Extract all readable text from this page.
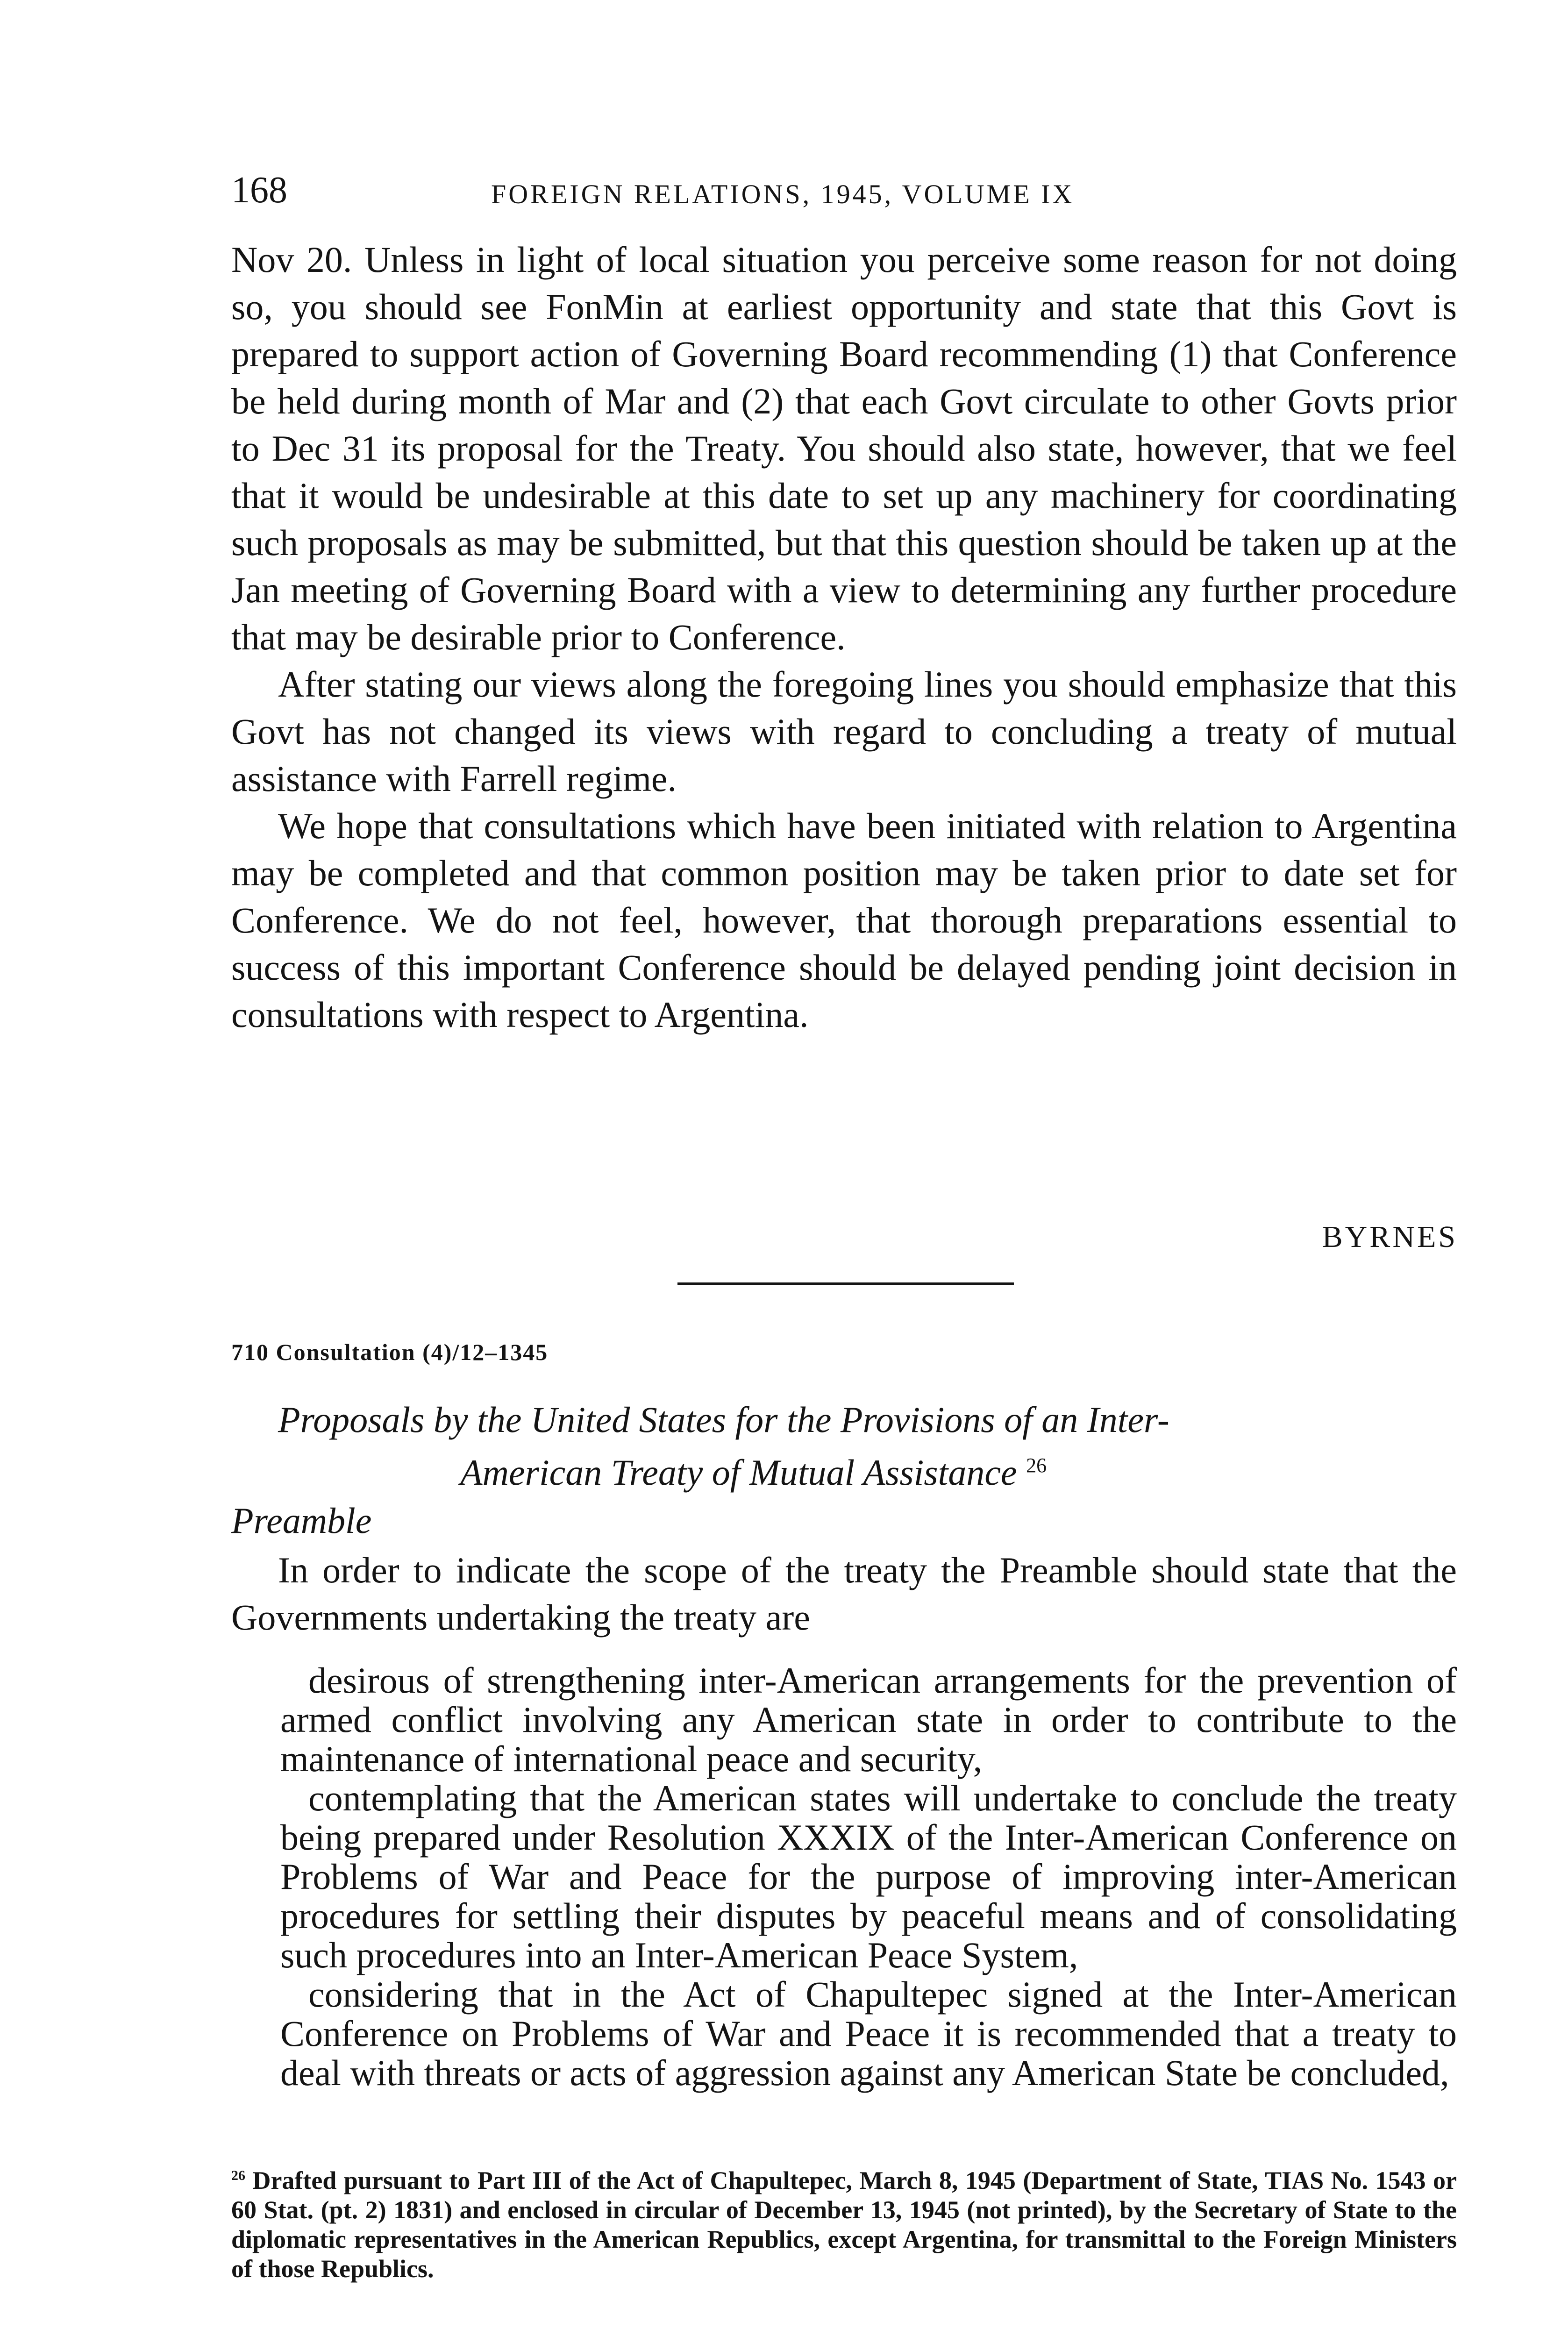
168	FOREIGN RELATIONS, 1945, VOLUME IX

Nov 20. Unless in light of local situation you perceive some reason for not doing so, you should see FonMin at earliest opportunity and state that this Govt is prepared to support action of Governing Board recommending (1) that Conference be held during month of Mar and (2) that each Govt circulate to other Govts prior to Dec 31 its proposal for the Treaty. You should also state, however, that we feel that it would be undesirable at this date to set up any machinery for coordinating such proposals as may be submitted, but that this question should be taken up at the Jan meeting of Governing Board with a view to determining any further procedure that may be desirable prior to Conference.

After stating our views along the foregoing lines you should emphasize that this Govt has not changed its views with regard to concluding a treaty of mutual assistance with Farrell regime.

We hope that consultations which have been initiated with relation to Argentina may be completed and that common position may be taken prior to date set for Conference. We do not feel, however, that thorough preparations essential to success of this important Conference should be delayed pending joint decision in consultations with respect to Argentina.

BYRNES
710 Consultation (4)/12–1345
Proposals by the United States for the Provisions of an Inter-
American Treaty of Mutual Assistance $^{26}$
Preamble

In order to indicate the scope of the treaty the Preamble should state that the Governments undertaking the treaty are

desirous of strengthening inter-American arrangements for the prevention of armed conflict involving any American state in order to contribute to the maintenance of international peace and security,

contemplating that the American states will undertake to conclude the treaty being prepared under Resolution XXXIX of the Inter-American Conference on Problems of War and Peace for the purpose of improving inter-American procedures for settling their disputes by peaceful means and of consolidating such procedures into an Inter-American Peace System,

considering that in the Act of Chapultepec signed at the Inter-American Conference on Problems of War and Peace it is recommended that a treaty to deal with threats or acts of aggression against any American State be concluded,

$^{26}$ Drafted pursuant to Part III of the Act of Chapultepec, March 8, 1945 (Department of State, TIAS No. 1543 or 60 Stat. (pt. 2) 1831) and enclosed in circular of December 13, 1945 (not printed), by the Secretary of State to the diplomatic representatives in the American Republics, except Argentina, for transmittal to the Foreign Ministers of those Republics.
